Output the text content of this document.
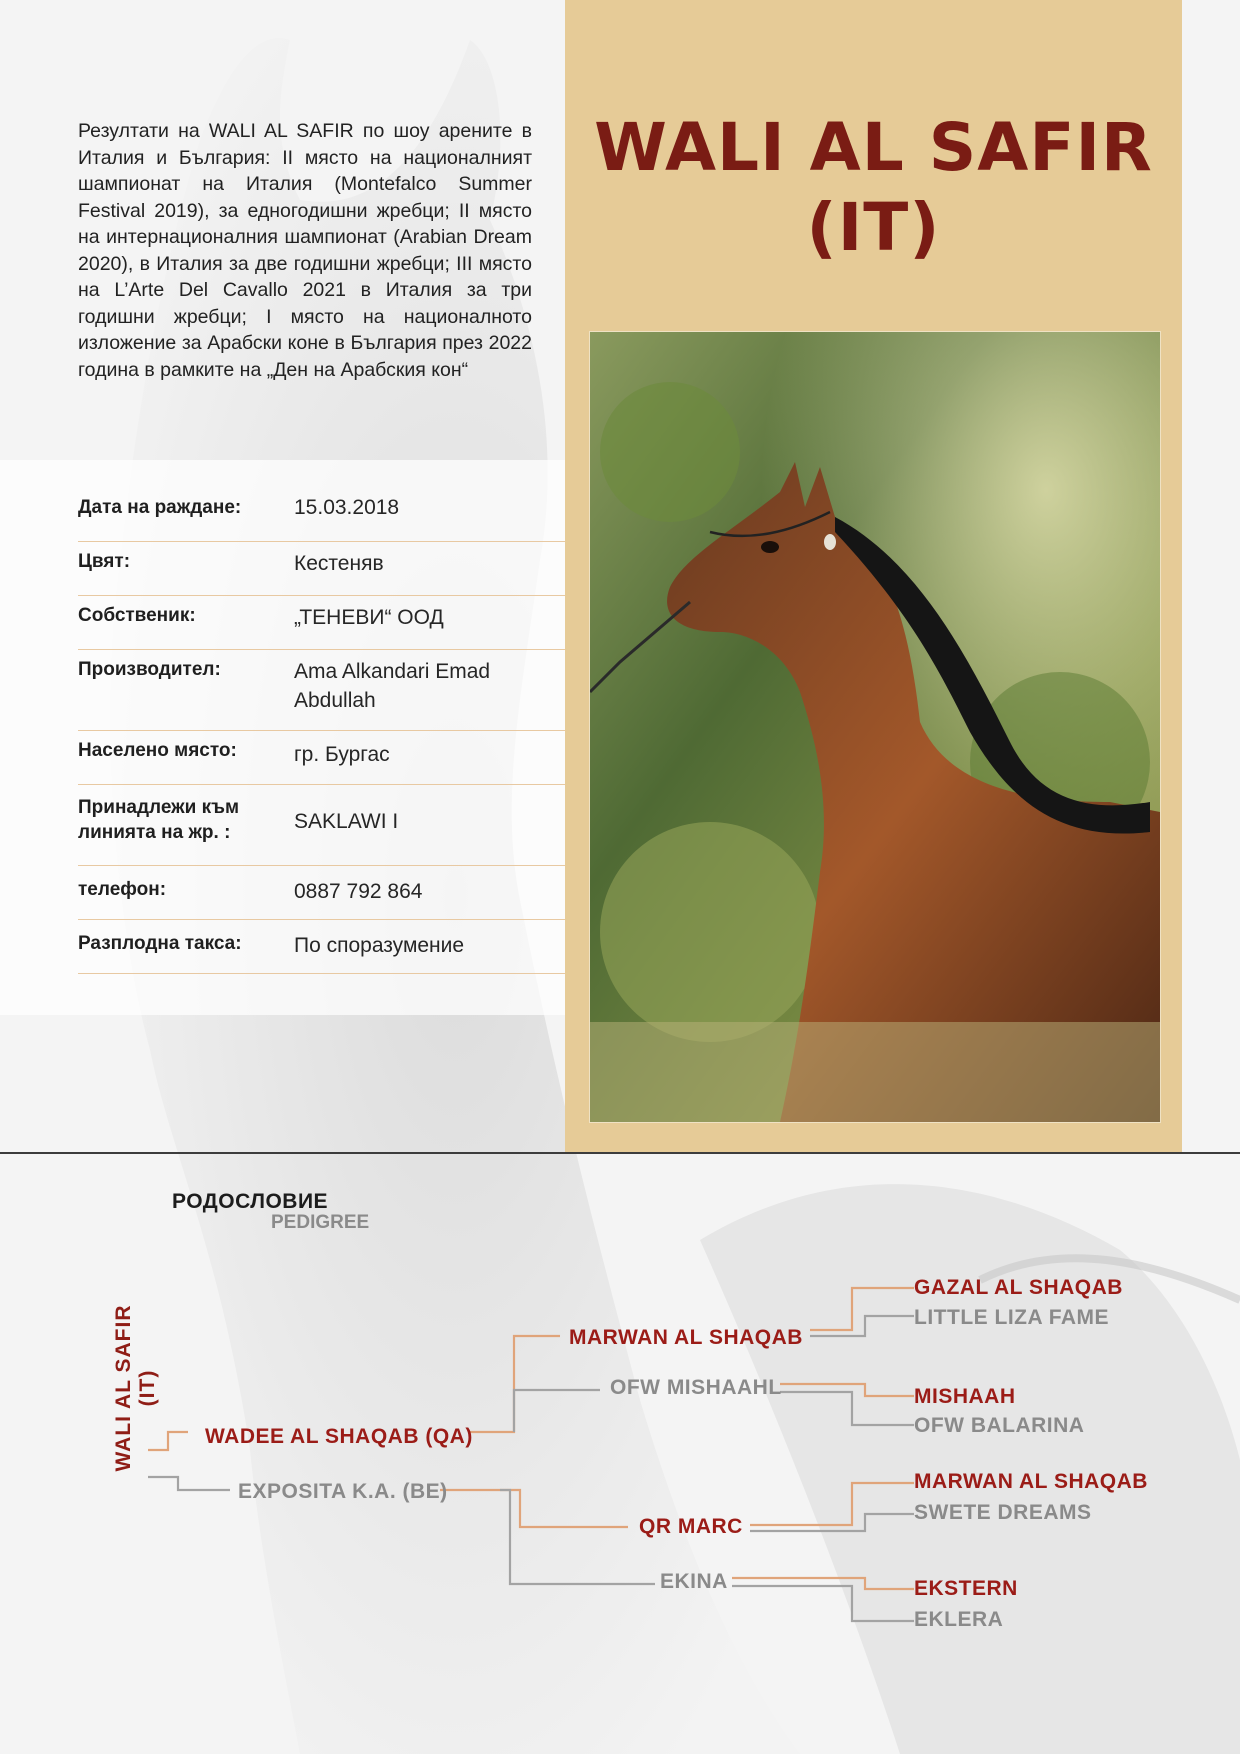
Резултати на WALI AL SAFIR по шоу арените в Италия и България: II място на националният шампионат на Италия (Montefalco Summer Festival 2019), за едногодишни жребци; II място на интернационалния шампионат (Arabian Dream 2020), в Италия за две годишни жребци; III място на L’Arte Del Cavallo 2021 в Италия за три годишни жребци; I място на националното изложение за Арабски коне в България през 2022 година в рамките на „Ден на Арабския кон“
Дата на раждане:	15.03.2018
Цвят:	Кестеняв
Собственик:	„ТЕНЕВИ“ ООД
Производител:	Ama Alkandari Emad Abdullah
Населено място:	гр. Бургас
Принадлежи към линията на жр. :	SAKLAWI I
телефон:	0887 792 864
Разплодна такса:	По споразумение
WALI AL SAFIR
(IT)
РОДОСЛОВИЕ
PEDIGREE
WALI AL SAFIR (IT)
WADEE AL SHAQAB (QA)
EXPOSITA K.A. (BE)
MARWAN AL SHAQAB
OFW MISHAAHL
QR MARC
EKINA
GAZAL AL SHAQAB
LITTLE LIZA FAME
MISHAAH
OFW BALARINA
MARWAN AL SHAQAB
SWETE DREAMS
EKSTERN
EKLERA
